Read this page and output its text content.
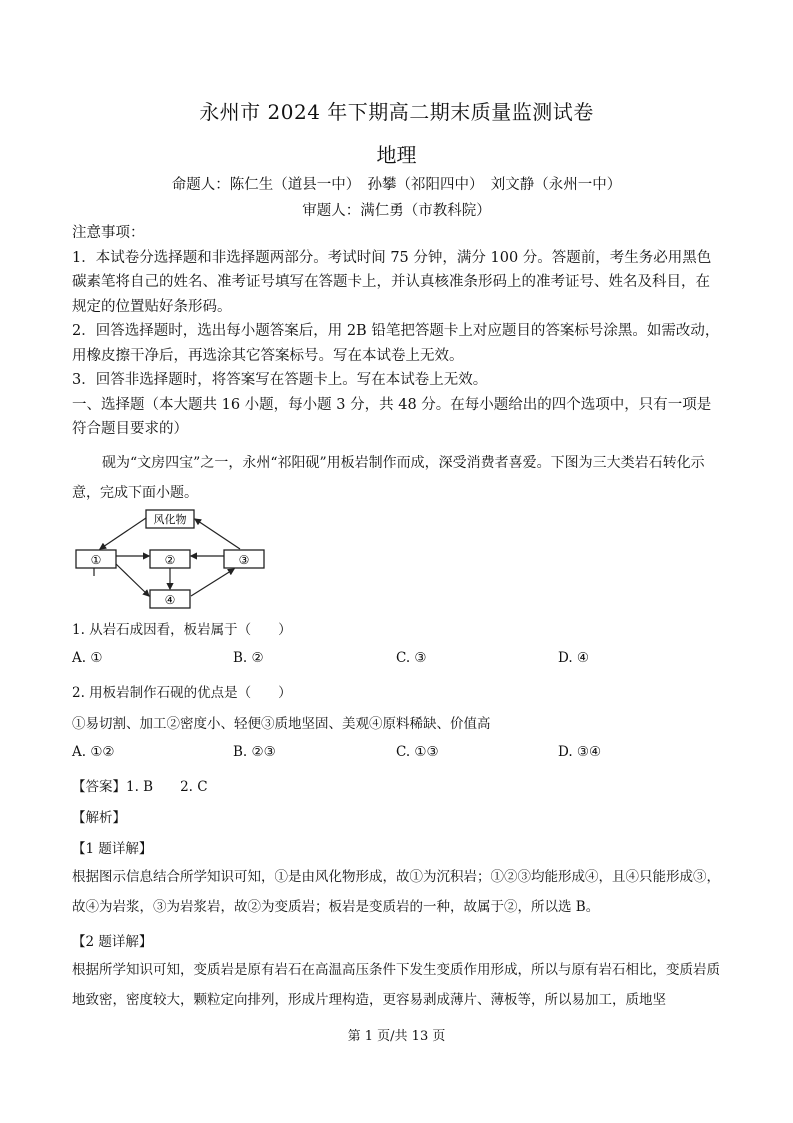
永州市 2024 年下期高二期末质量监测试卷
地理
命题人：陈仁生（道县一中）　孙攀（祁阳四中）　刘文静（永州一中）
审题人：满仁勇（市教科院）

注意事项：

1．本试卷分选择题和非选择题两部分。考试时间 75 分钟，满分 100 分。答题前，考生务必用黑色碳素笔将自己的姓名、准考证号填写在答题卡上，并认真核准条形码上的准考证号、姓名及科目，在规定的位置贴好条形码。

2．回答选择题时，选出每小题答案后，用 2B 铅笔把答题卡上对应题目的答案标号涂黑。如需改动，用橡皮擦干净后，再选涂其它答案标号。写在本试卷上无效。

3．回答非选择题时，将答案写在答题卡上。写在本试卷上无效。

一、选择题（本大题共 16 小题，每小题 3 分，共 48 分。在每小题给出的四个选项中，只有一项是符合题目要求的）

砚为“文房四宝”之一，永州“祁阳砚”用板岩制作而成，深受消费者喜爱。下图为三大类岩石转化示意，完成下面小题。
风化物
①	②	③
④
1. 从岩石成因看，板岩属于（　　）
A. ①	B. ②	C. ③	D. ④
2. 用板岩制作石砚的优点是（　　）
①易切割、加工②密度小、轻便③质地坚固、美观④原料稀缺、价值高
A. ①②	B. ②③	C. ①③	D. ③④
【答案】1. B　　2. C
【解析】
【1 题详解】
根据图示信息结合所学知识可知，①是由风化物形成，故①为沉积岩；①②③均能形成④，且④只能形成③，故④为岩浆，③为岩浆岩，故②为变质岩；板岩是变质岩的一种，故属于②，所以选 B。
【2 题详解】
根据所学知识可知，变质岩是原有岩石在高温高压条件下发生变质作用形成，所以与原有岩石相比，变质岩质地致密，密度较大，颗粒定向排列，形成片理构造，更容易剥成薄片、薄板等，所以易加工，质地坚
第 1 页/共 13 页
